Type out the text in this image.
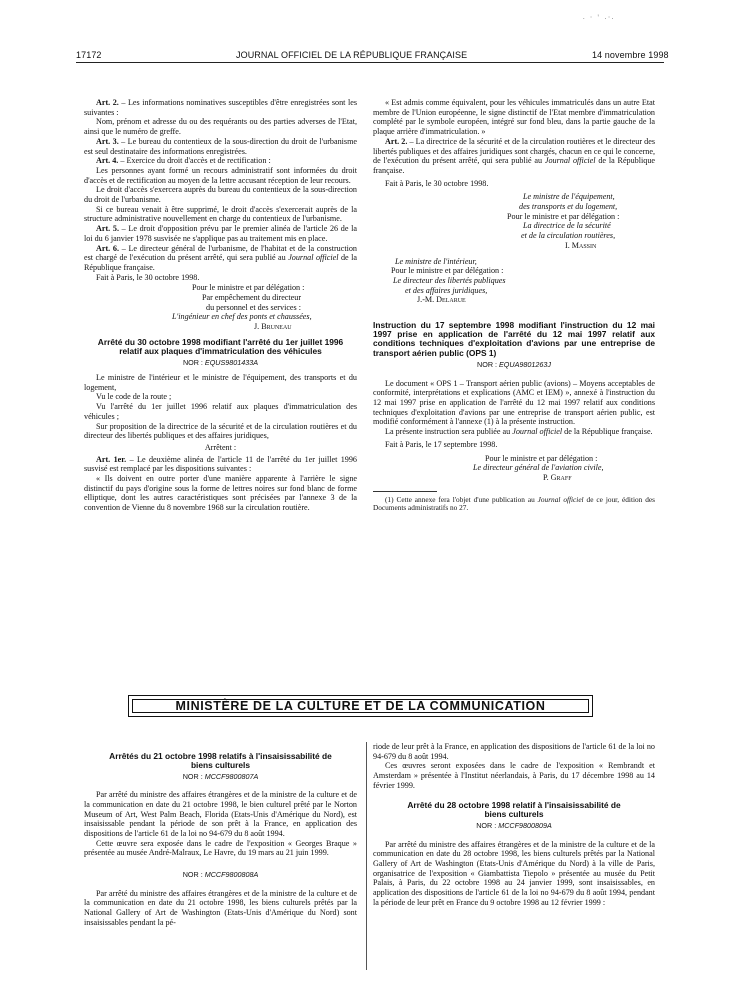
. · ' .·.
17172	JOURNAL OFFICIEL DE LA RÉPUBLIQUE FRANÇAISE	14 novembre 1998

Art. 2. – Les informations nominatives susceptibles d'être enregistrées sont les suivantes :

Nom, prénom et adresse du ou des requérants ou des parties adverses de l'Etat, ainsi que le numéro de greffe.

Art. 3. – Le bureau du contentieux de la sous-direction du droit de l'urbanisme est seul destinataire des informations enregistrées.

Art. 4. – Exercice du droit d'accès et de rectification :

Les personnes ayant formé un recours administratif sont informées du droit d'accès et de rectification au moyen de la lettre accusant réception de leur recours.

Le droit d'accès s'exercera auprès du bureau du contentieux de la sous-direction du droit de l'urbanisme.

Si ce bureau venait à être supprimé, le droit d'accès s'exercerait auprès de la structure administrative nouvellement en charge du contentieux de l'urbanisme.

Art. 5. – Le droit d'opposition prévu par le premier alinéa de l'article 26 de la loi du 6 janvier 1978 susvisée ne s'applique pas au traitement mis en place.

Art. 6. – Le directeur général de l'urbanisme, de l'habitat et de la construction est chargé de l'exécution du présent arrêté, qui sera publié au Journal officiel de la République française.

Fait à Paris, le 30 octobre 1998.

Pour le ministre et par délégation :
Par empêchement du directeur
du personnel et des services :
L'ingénieur en chef des ponts et chaussées,
J. Bruneau
Arrêté du 30 octobre 1998 modifiant l'arrêté du 1er juillet 1996 relatif aux plaques d'immatriculation des véhicules
NOR : EQUS9801433A

Le ministre de l'intérieur et le ministre de l'équipement, des transports et du logement,

Vu le code de la route ;

Vu l'arrêté du 1er juillet 1996 relatif aux plaques d'immatriculation des véhicules ;

Sur proposition de la directrice de la sécurité et de la circulation routières et du directeur des libertés publiques et des affaires juridiques,

Arrêtent :

Art. 1er. – Le deuxième alinéa de l'article 11 de l'arrêté du 1er juillet 1996 susvisé est remplacé par les dispositions suivantes :

« Ils doivent en outre porter d'une manière apparente à l'arrière le signe distinctif du pays d'origine sous la forme de lettres noires sur fond blanc de forme elliptique, dont les autres caractéristiques sont précisées par l'annexe 3 de la convention de Vienne du 8 novembre 1968 sur la circulation routière.

« Est admis comme équivalent, pour les véhicules immatriculés dans un autre Etat membre de l'Union européenne, le signe distinctif de l'Etat membre d'immatriculation complété par le symbole européen, intégré sur fond bleu, dans la partie gauche de la plaque arrière d'immatriculation. »

Art. 2. – La directrice de la sécurité et de la circulation routières et le directeur des libertés publiques et des affaires juridiques sont chargés, chacun en ce qui le concerne, de l'exécution du présent arrêté, qui sera publié au Journal officiel de la République française.

Fait à Paris, le 30 octobre 1998.

Le ministre de l'équipement,
des transports et du logement,
Pour le ministre et par délégation :
La directrice de la sécurité
et de la circulation routières,
I. Massin
Le ministre de l'intérieur,
Pour le ministre et par délégation :
Le directeur des libertés publiques
et des affaires juridiques,
J.-M. Delarue
Instruction du 17 septembre 1998 modifiant l'instruction du 12 mai 1997 prise en application de l'arrêté du 12 mai 1997 relatif aux conditions techniques d'exploitation d'avions par une entreprise de transport aérien public (OPS 1)
NOR : EQUA9801263J

Le document « OPS 1 – Transport aérien public (avions) – Moyens acceptables de conformité, interprétations et explications (AMC et IEM) », annexé à l'instruction du 12 mai 1997 prise en application de l'arrêté du 12 mai 1997 relatif aux conditions techniques d'exploitation d'avions par une entreprise de transport aérien public, est modifié conformément à l'annexe (1) à la présente instruction.

La présente instruction sera publiée au Journal officiel de la République française.

Fait à Paris, le 17 septembre 1998.

Pour le ministre et par délégation :
Le directeur général de l'aviation civile,
P. Graff

(1) Cette annexe fera l'objet d'une publication au Journal officiel de ce jour, édition des Documents administratifs no 27.

MINISTÈRE DE LA CULTURE ET DE LA COMMUNICATION
Arrêtés du 21 octobre 1998 relatifs à l'insaisissabilité de biens culturels
NOR : MCCF9800807A

Par arrêté du ministre des affaires étrangères et de la ministre de la culture et de la communication en date du 21 octobre 1998, le bien culturel prêté par le Norton Museum of Art, West Palm Beach, Florida (Etats-Unis d'Amérique du Nord), est insaisissable pendant la période de son prêt à la France, en application des dispositions de l'article 61 de la loi no 94-679 du 8 août 1994.

Cette œuvre sera exposée dans le cadre de l'exposition « Georges Braque » présentée au musée André-Malraux, Le Havre, du 19 mars au 21 juin 1999.

NOR : MCCF9800808A

Par arrêté du ministre des affaires étrangères et de la ministre de la culture et de la communication en date du 21 octobre 1998, les biens culturels prêtés par la National Gallery of Art de Washington (Etats-Unis d'Amérique du Nord) sont insaisissables pendant la pé-

riode de leur prêt à la France, en application des dispositions de l'article 61 de la loi no 94-679 du 8 août 1994.

Ces œuvres seront exposées dans le cadre de l'exposition « Rembrandt et Amsterdam » présentée à l'Institut néerlandais, à Paris, du 17 décembre 1998 au 14 février 1999.

Arrêté du 28 octobre 1998 relatif à l'insaisissabilité de biens culturels
NOR : MCCF9800809A

Par arrêté du ministre des affaires étrangères et de la ministre de la culture et de la communication en date du 28 octobre 1998, les biens culturels prêtés par la National Gallery of Art de Washington (Etats-Unis d'Amérique du Nord) à la ville de Paris, organisatrice de l'exposition « Giambattista Tiepolo » présentée au musée du Petit Palais, à Paris, du 22 octobre 1998 au 24 janvier 1999, sont insaisissables, en application des dispositions de l'article 61 de la loi no 94-679 du 8 août 1994, pendant la période de leur prêt en France du 9 octobre 1998 au 12 février 1999 :
